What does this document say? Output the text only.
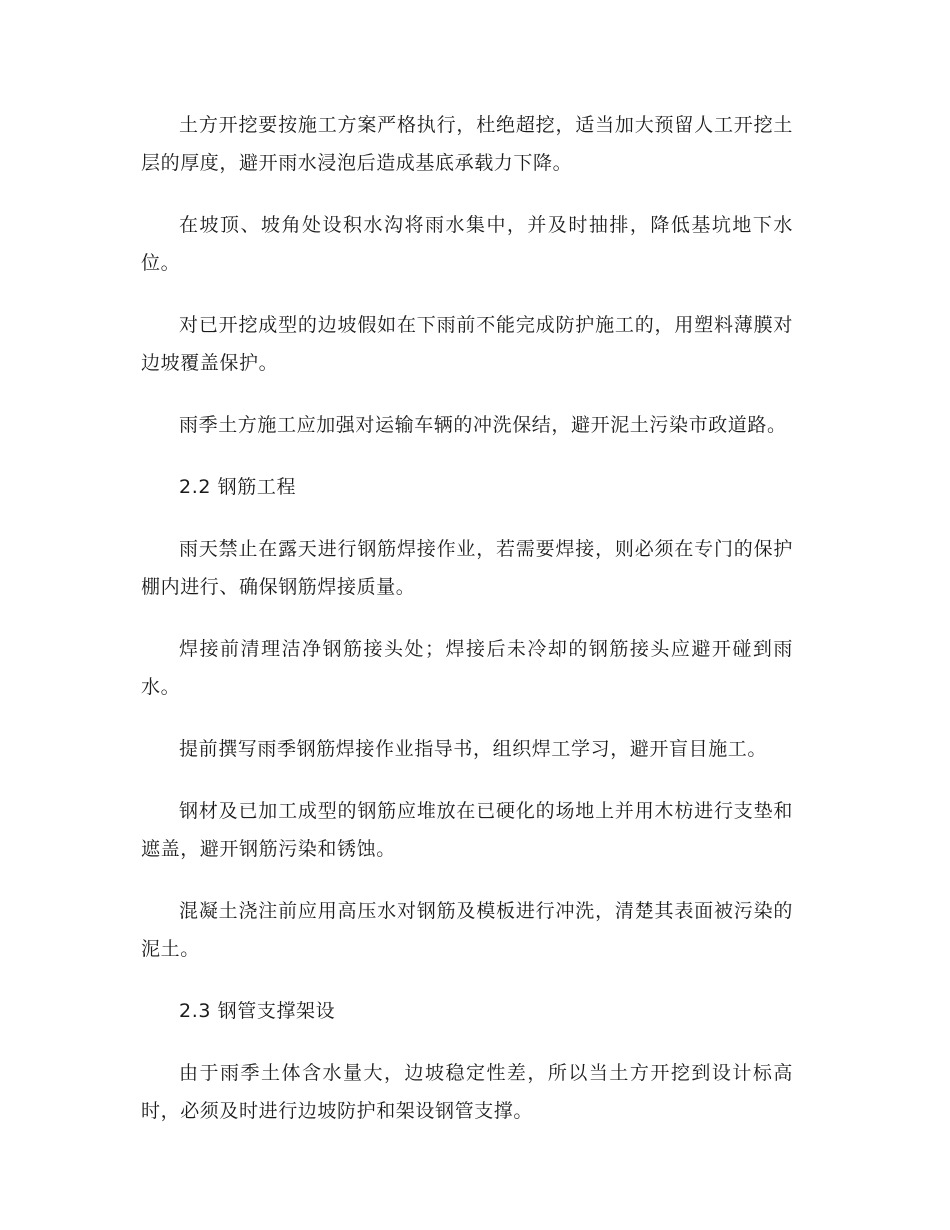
土方开挖要按施工方案严格执行，杜绝超挖，适当加大预留人工开挖土层的厚度，避开雨水浸泡后造成基底承载力下降。

在坡顶、坡角处设积水沟将雨水集中，并及时抽排，降低基坑地下水位。

对已开挖成型的边坡假如在下雨前不能完成防护施工的，用塑料薄膜对边坡覆盖保护。

雨季土方施工应加强对运输车辆的冲洗保结，避开泥土污染市政道路。

2.2 钢筋工程

雨天禁止在露天进行钢筋焊接作业，若需要焊接，则必须在专门的保护棚内进行、确保钢筋焊接质量。

焊接前清理洁净钢筋接头处；焊接后未冷却的钢筋接头应避开碰到雨水。

提前撰写雨季钢筋焊接作业指导书，组织焊工学习，避开盲目施工。

钢材及已加工成型的钢筋应堆放在已硬化的场地上并用木枋进行支垫和遮盖，避开钢筋污染和锈蚀。

混凝土浇注前应用高压水对钢筋及模板进行冲洗，清楚其表面被污染的泥土。

2.3 钢管支撑架设

由于雨季土体含水量大，边坡稳定性差，所以当土方开挖到设计标高时，必须及时进行边坡防护和架设钢管支撑。
